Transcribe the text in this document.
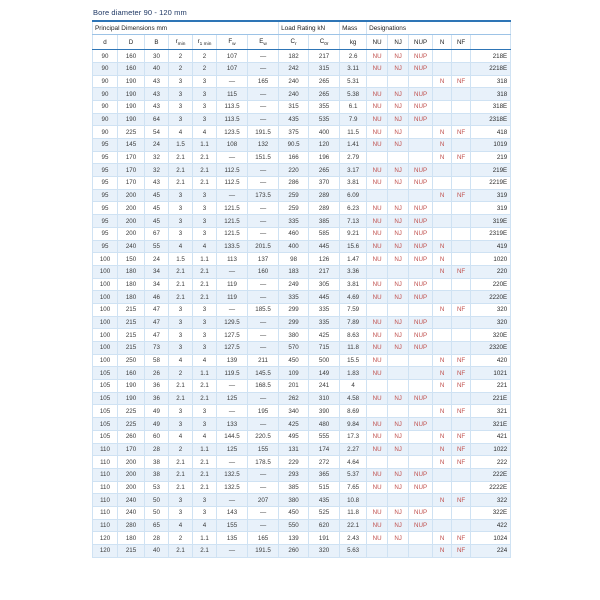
Bore diameter 90 - 120 mm
Principal Dimensions mm							Load Rating kN		Mass	Designations					
d	D	B	$r_{min}$	$r_{1 min}$	$F_w$	$E_w$	$C_r$	$C_{0r}$	kg	NU	NJ	NUP	N	NF	
90	160	30	2	2	107	—	182	217	2.6	NU	NJ	NUP			218E
90	160	40	2	2	107	—	242	315	3.11	NU	NJ	NUP			2218E
90	190	43	3	3	—	165	240	265	5.31				N	NF	318
90	190	43	3	3	115	—	240	265	5.38	NU	NJ	NUP			318
90	190	43	3	3	113.5	—	315	355	6.1	NU	NJ	NUP			318E
90	190	64	3	3	113.5	—	435	535	7.9	NU	NJ	NUP			2318E
90	225	54	4	4	123.5	191.5	375	400	11.5	NU	NJ		N	NF	418
95	145	24	1.5	1.1	108	132	90.5	120	1.41	NU	NJ		N		1019
95	170	32	2.1	2.1	—	151.5	166	196	2.79				N	NF	219
95	170	32	2.1	2.1	112.5	—	220	265	3.17	NU	NJ	NUP			219E
95	170	43	2.1	2.1	112.5	—	286	370	3.81	NU	NJ	NUP			2219E
95	200	45	3	3	—	173.5	259	289	6.09				N	NF	319
95	200	45	3	3	121.5	—	259	289	6.23	NU	NJ	NUP			319
95	200	45	3	3	121.5	—	335	385	7.13	NU	NJ	NUP			319E
95	200	67	3	3	121.5	—	460	585	9.21	NU	NJ	NUP			2319E
95	240	55	4	4	133.5	201.5	400	445	15.6	NU	NJ	NUP	N		419
100	150	24	1.5	1.1	113	137	98	126	1.47	NU	NJ	NUP	N		1020
100	180	34	2.1	2.1	—	160	183	217	3.36				N	NF	220
100	180	34	2.1	2.1	119	—	249	305	3.81	NU	NJ	NUP			220E
100	180	46	2.1	2.1	119	—	335	445	4.69	NU	NJ	NUP			2220E
100	215	47	3	3	—	185.5	299	335	7.59				N	NF	320
100	215	47	3	3	129.5	—	299	335	7.89	NU	NJ	NUP			320
100	215	47	3	3	127.5	—	380	425	8.63	NU	NJ	NUP			320E
100	215	73	3	3	127.5	—	570	715	11.8	NU	NJ	NUP			2320E
100	250	58	4	4	139	211	450	500	15.5	NU			N	NF	420
105	160	26	2	1.1	119.5	145.5	109	149	1.83	NU			N	NF	1021
105	190	36	2.1	2.1	—	168.5	201	241	4				N	NF	221
105	190	36	2.1	2.1	125	—	262	310	4.58	NU	NJ	NUP			221E
105	225	49	3	3	—	195	340	390	8.69				N	NF	321
105	225	49	3	3	133	—	425	480	9.84	NU	NJ	NUP			321E
105	260	60	4	4	144.5	220.5	495	555	17.3	NU	NJ		N	NF	421
110	170	28	2	1.1	125	155	131	174	2.27	NU	NJ		N	NF	1022
110	200	38	2.1	2.1	—	178.5	229	272	4.64				N	NF	222
110	200	38	2.1	2.1	132.5	—	293	365	5.37	NU	NJ	NUP			222E
110	200	53	2.1	2.1	132.5	—	385	515	7.65	NU	NJ	NUP			2222E
110	240	50	3	3	—	207	380	435	10.8				N	NF	322
110	240	50	3	3	143	—	450	525	11.8	NU	NJ	NUP			322E
110	280	65	4	4	155	—	550	620	22.1	NU	NJ	NUP			422
120	180	28	2	1.1	135	165	139	191	2.43	NU	NJ		N	NF	1024
120	215	40	2.1	2.1	—	191.5	260	320	5.63				N	NF	224
